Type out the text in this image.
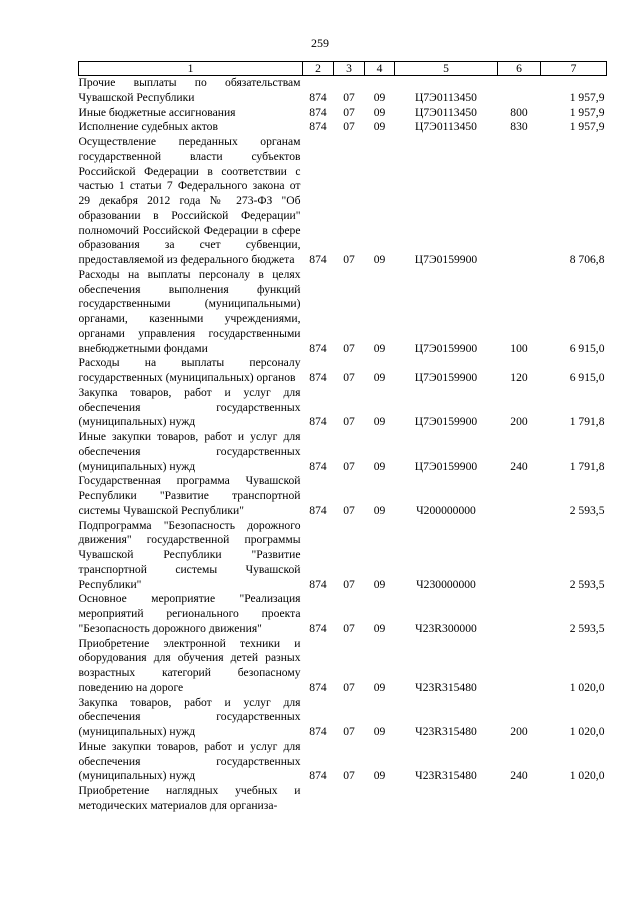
259
1	2	3	4	5	6	7
Прочие выплаты по обязательствам Чувашской Республики	874	07	09	Ц7Э0113450		1 957,9
Иные бюджетные ассигнования	874	07	09	Ц7Э0113450	800	1 957,9
Исполнение судебных актов	874	07	09	Ц7Э0113450	830	1 957,9
Осуществление переданных органам государственной власти субъектов Российской Федерации в соответствии с частью 1 статьи 7 Федерального закона от 29 декабря 2012 года № 273-ФЗ "Об образовании в Российской Федерации" полномочий Российской Федерации в сфере образования за счет субвенции, предоставляемой из федерального бюджета	874	07	09	Ц7Э0159900		8 706,8
Расходы на выплаты персоналу в целях обеспечения выполнения функций государственными (муниципальными) органами, казенными учреждениями, органами управления государственными внебюджетными фондами	874	07	09	Ц7Э0159900	100	6 915,0
Расходы на выплаты персоналу государственных (муниципальных) органов	874	07	09	Ц7Э0159900	120	6 915,0
Закупка товаров, работ и услуг для обеспечения государственных (муниципальных) нужд	874	07	09	Ц7Э0159900	200	1 791,8
Иные закупки товаров, работ и услуг для обеспечения государственных (муниципальных) нужд	874	07	09	Ц7Э0159900	240	1 791,8
Государственная программа Чувашской Республики "Развитие транспортной системы Чувашской Республики"	874	07	09	Ч200000000		2 593,5
Подпрограмма "Безопасность дорожного движения" государственной программы Чувашской Республики "Развитие транспортной системы Чувашской Республики"	874	07	09	Ч230000000		2 593,5
Основное мероприятие "Реализация мероприятий регионального проекта "Безопасность дорожного движения"	874	07	09	Ч23R300000		2 593,5
Приобретение электронной техники и оборудования для обучения детей разных возрастных категорий безопасному поведению на дороге	874	07	09	Ч23R315480		1 020,0
Закупка товаров, работ и услуг для обеспечения государственных (муниципальных) нужд	874	07	09	Ч23R315480	200	1 020,0
Иные закупки товаров, работ и услуг для обеспечения государственных (муниципальных) нужд	874	07	09	Ч23R315480	240	1 020,0
Приобретение наглядных учебных и методических материалов для организа-						
